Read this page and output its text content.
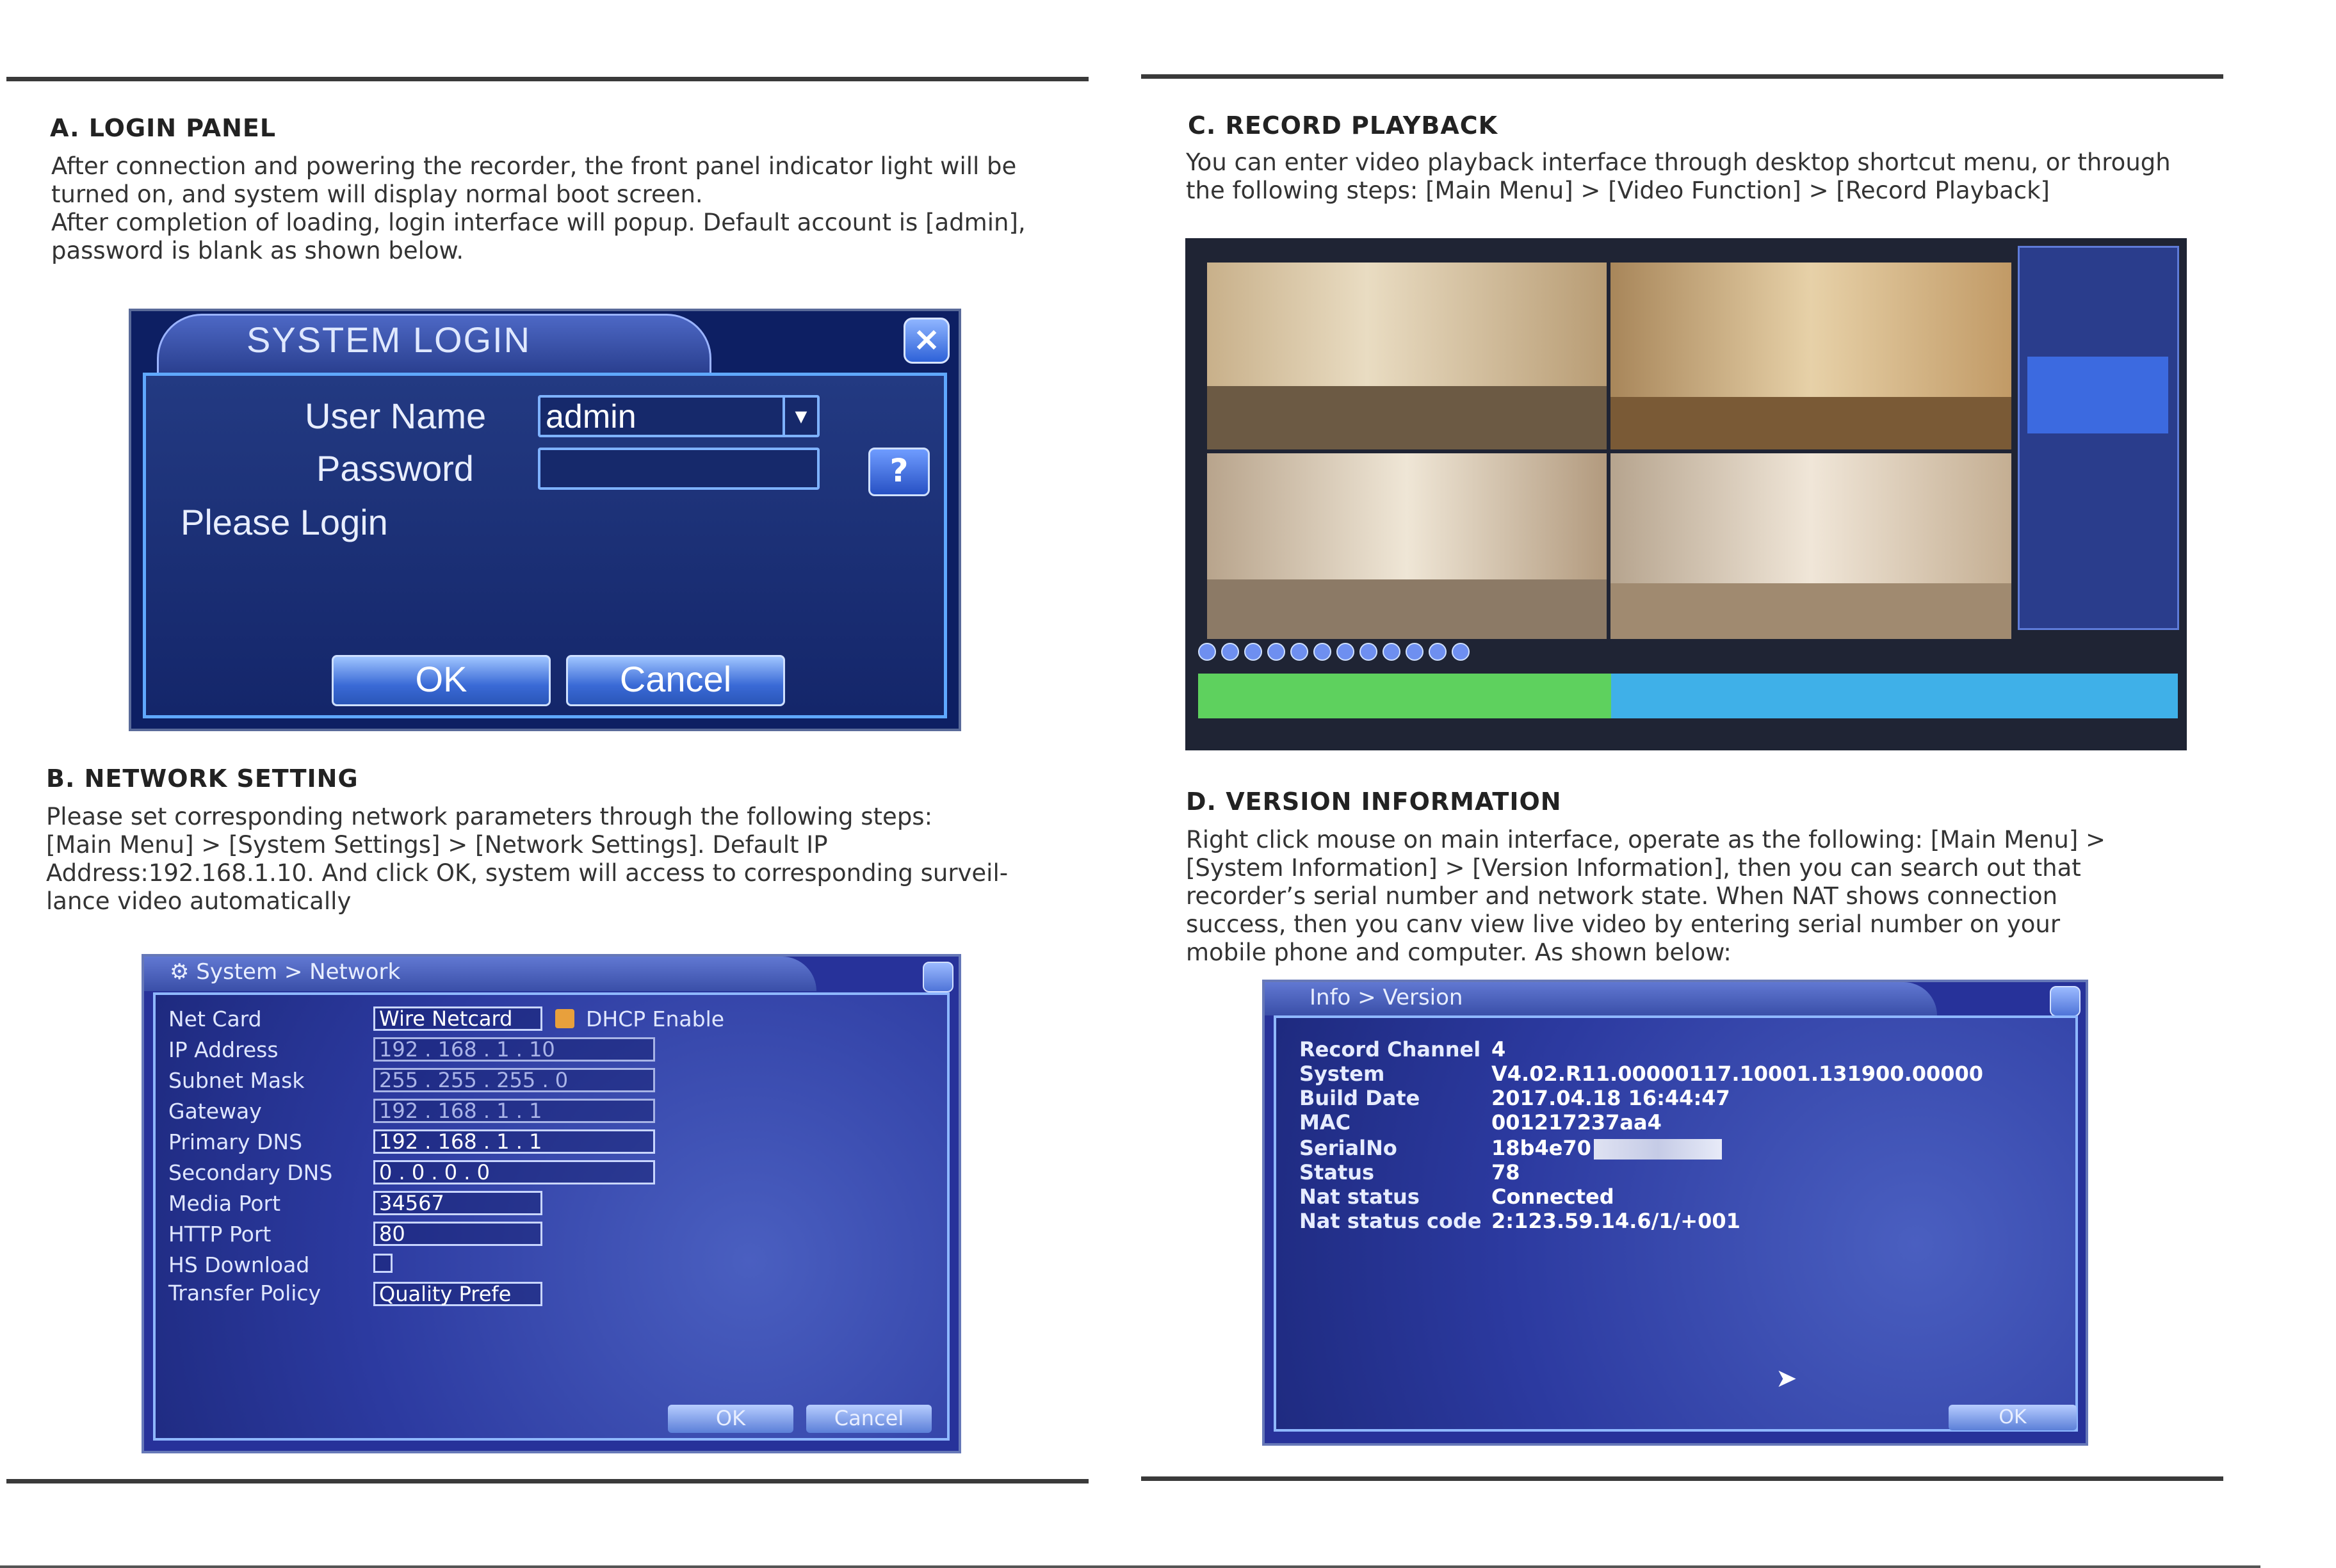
A. LOGIN PANEL

After connection and powering the recorder, the front panel indicator light will be

turned on, and system will display normal boot screen.

After completion of loading, login interface will popup. Default account is [admin],

password is blank as shown below.

SYSTEM LOGIN	×
User Name admin	▼
Password	?
Please Login
OK	Cancel
B. NETWORK SETTING

Please set corresponding network parameters through the following steps:

[Main Menu] > [System Settings] > [Network Settings]. Default IP

Address:192.168.1.10. And click OK, system will access to corresponding surveil-

lance video automatically

⚙ System > Network
Net Card	Wire Netcard	DHCP Enable
IP Address	192 . 168 . 1 . 10
Subnet Mask	255 . 255 . 255 . 0
Gateway	192 . 168 . 1 . 1
Primary DNS	192 . 168 . 1 . 1
Secondary DNS 0 . 0 . 0 . 0
Media Port	34567
HTTP Port	80
HS Download
Transfer Policy	Quality Prefe
OK	Cancel
C. RECORD PLAYBACK

You can enter video playback interface through desktop shortcut menu, or through

the following steps: [Main Menu] > [Video Function] > [Record Playback]

D. VERSION INFORMATION

Right click mouse on main interface, operate as the following: [Main Menu] >

[System Information] > [Version Information], then you can search out that

recorder’s serial number and network state. When NAT shows connection

success, then you canv view live video by entering serial number on your

mobile phone and computer. As shown below:

Info > Version
Record Channel 4
System	V4.02.R11.00000117.10001.131900.00000
Build Date	2017.04.18 16:44:47
MAC	001217237aa4
SerialNo	18b4e70
Status	78
Nat status	Connected
Nat status code 2:123.59.14.6/1/+001
➤
OK
